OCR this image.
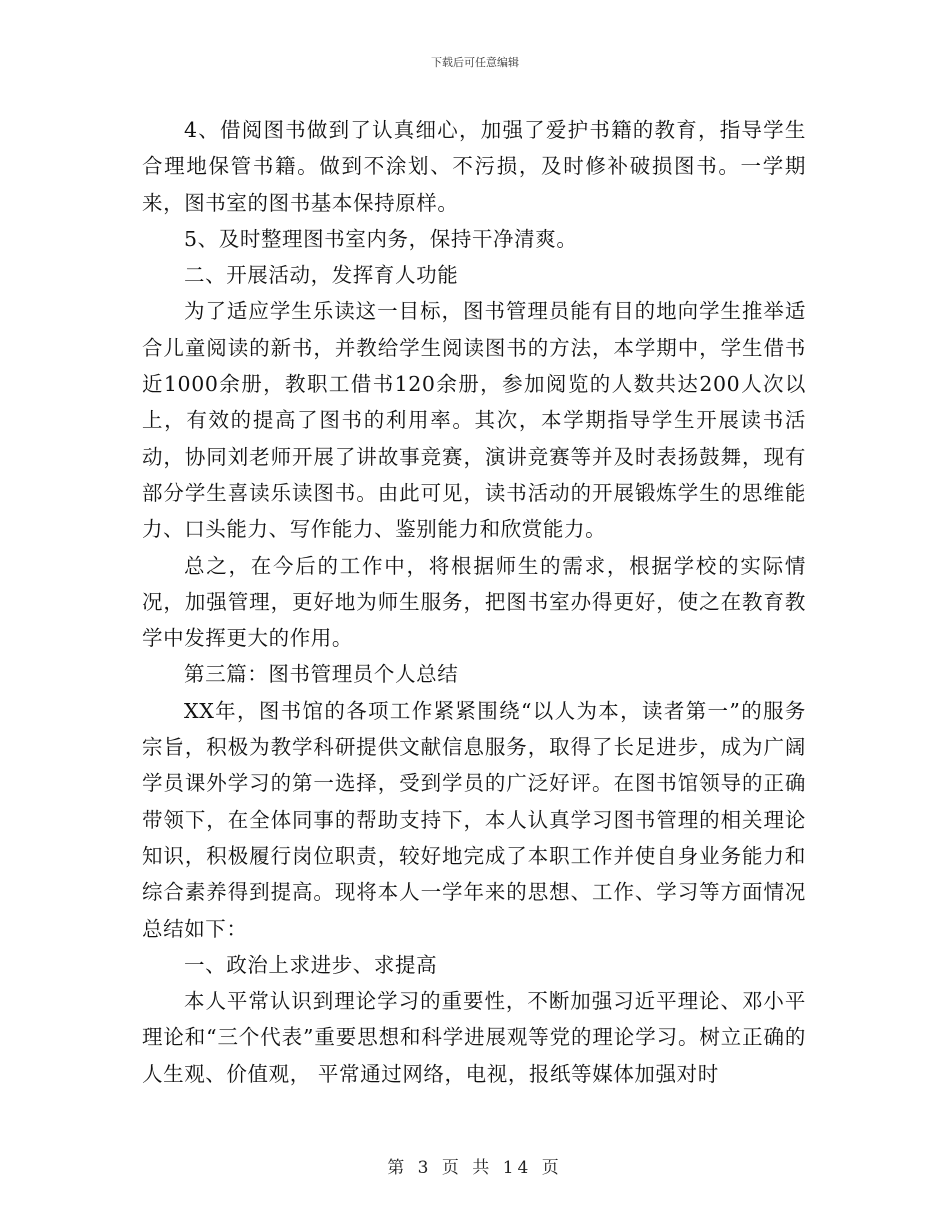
下载后可任意编辑

4、借阅图书做到了认真细心，加强了爱护书籍的教育，指导学生合理地保管书籍。做到不涂划、不污损，及时修补破损图书。一学期来，图书室的图书基本保持原样。

5、及时整理图书室内务，保持干净清爽。

二、开展活动，发挥育人功能

为了适应学生乐读这一目标，图书管理员能有目的地向学生推举适合儿童阅读的新书，并教给学生阅读图书的方法，本学期中，学生借书近1000余册，教职工借书120余册，参加阅览的人数共达200人次以上，有效的提高了图书的利用率。其次，本学期指导学生开展读书活动，协同刘老师开展了讲故事竞赛，演讲竞赛等并及时表扬鼓舞，现有部分学生喜读乐读图书。由此可见，读书活动的开展锻炼学生的思维能力、口头能力、写作能力、鉴别能力和欣赏能力。

总之，在今后的工作中，将根据师生的需求，根据学校的实际情况，加强管理，更好地为师生服务，把图书室办得更好，使之在教育教学中发挥更大的作用。

第三篇：图书管理员个人总结

XX年，图书馆的各项工作紧紧围绕“以人为本，读者第一”的服务宗旨，积极为教学科研提供文献信息服务，取得了长足进步，成为广阔学员课外学习的第一选择，受到学员的广泛好评。在图书馆领导的正确带领下，在全体同事的帮助支持下，本人认真学习图书管理的相关理论知识，积极履行岗位职责，较好地完成了本职工作并使自身业务能力和综合素养得到提高。现将本人一学年来的思想、工作、学习等方面情况总结如下：

一、政治上求进步、求提高

本人平常认识到理论学习的重要性，不断加强习近平理论、邓小平理论和“三个代表”重要思想和科学进展观等党的理论学习。树立正确的人生观、价值观， 平常通过网络，电视，报纸等媒体加强对时

第 3 页 共 14 页
